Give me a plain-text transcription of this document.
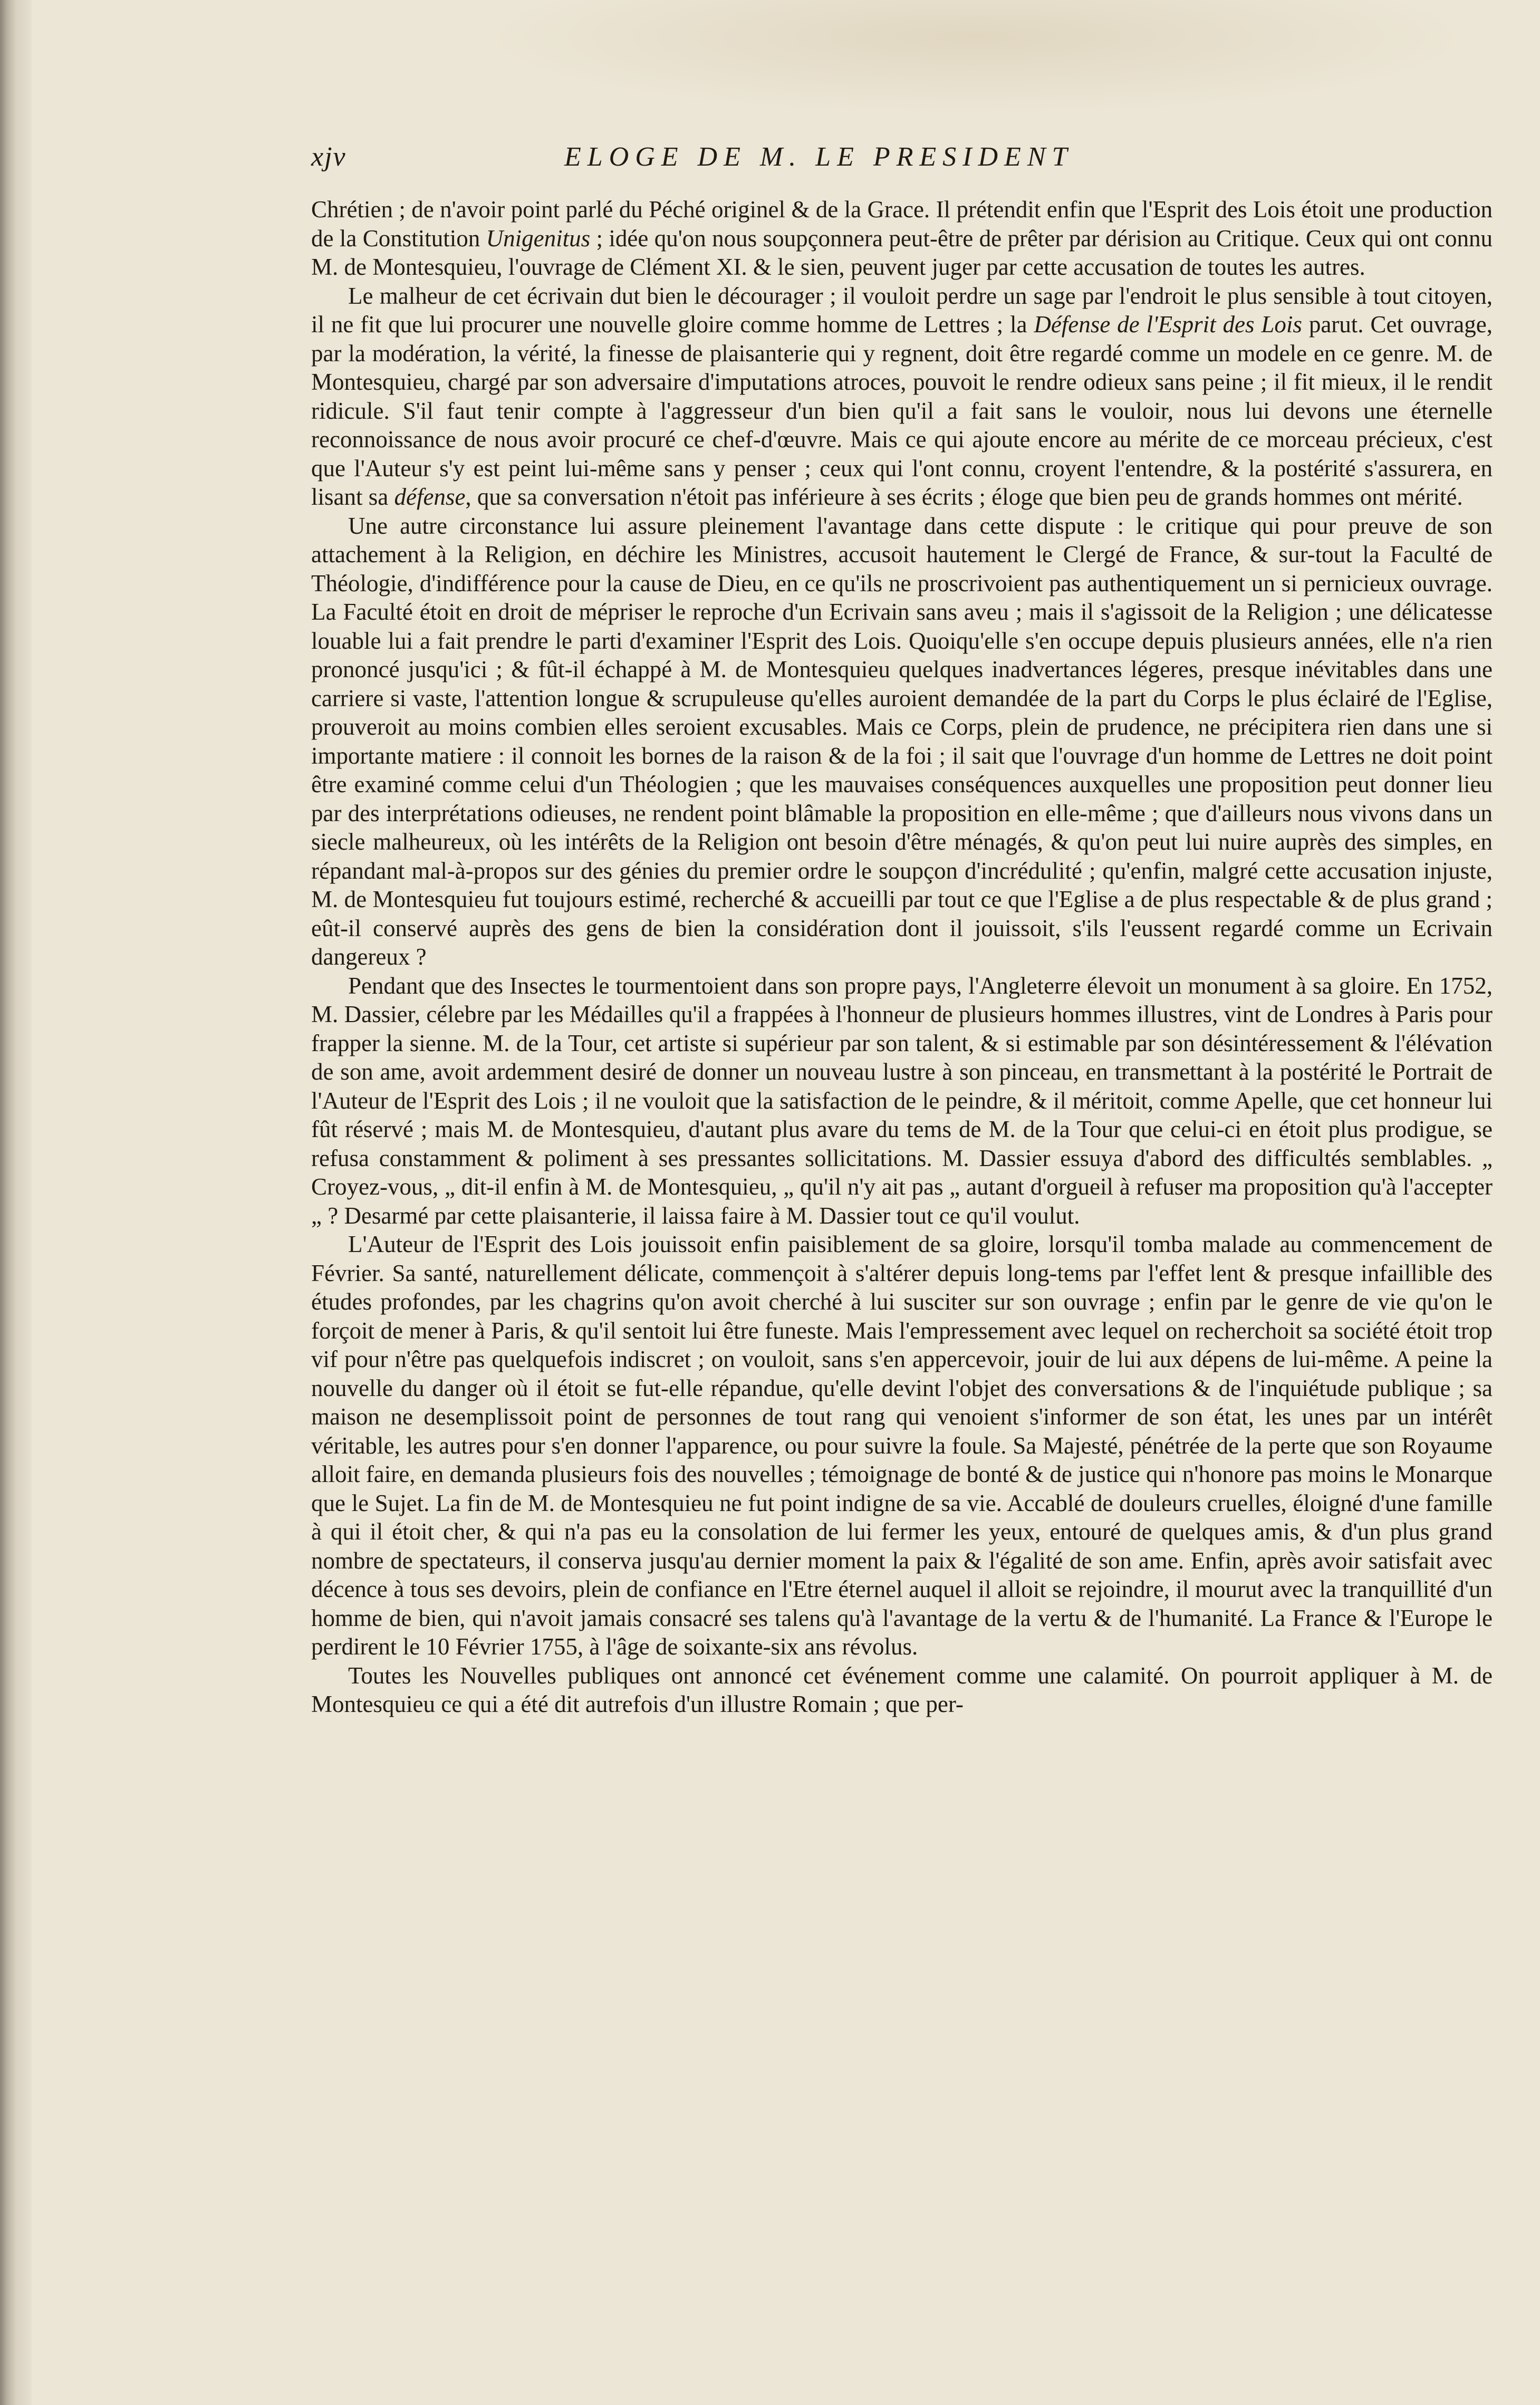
xjv	ELOGE DE M. LE PRESIDENT

Chrétien ; de n'avoir point parlé du Péché originel & de la Grace. Il prétendit enfin que l'Esprit des Lois étoit une production de la Constitution Unigenitus ; idée qu'on nous soupçonnera peut-être de prêter par dérision au Critique. Ceux qui ont connu M. de Montesquieu, l'ouvrage de Clément XI. & le sien, peuvent juger par cette accusation de toutes les autres.

Le malheur de cet écrivain dut bien le décourager ; il vouloit perdre un sage par l'endroit le plus sensible à tout citoyen, il ne fit que lui procurer une nouvelle gloire comme homme de Lettres ; la Défense de l'Esprit des Lois parut. Cet ouvrage, par la modération, la vérité, la finesse de plaisanterie qui y regnent, doit être regardé comme un modele en ce genre. M. de Montesquieu, chargé par son adversaire d'imputations atroces, pouvoit le rendre odieux sans peine ; il fit mieux, il le rendit ridicule. S'il faut tenir compte à l'aggresseur d'un bien qu'il a fait sans le vouloir, nous lui devons une éternelle reconnoissance de nous avoir procuré ce chef-d'œuvre. Mais ce qui ajoute encore au mérite de ce morceau précieux, c'est que l'Auteur s'y est peint lui-même sans y penser ; ceux qui l'ont connu, croyent l'entendre, & la postérité s'assurera, en lisant sa défense, que sa conversation n'étoit pas inférieure à ses écrits ; éloge que bien peu de grands hommes ont mérité.

Une autre circonstance lui assure pleinement l'avantage dans cette dispute : le critique qui pour preuve de son attachement à la Religion, en déchire les Ministres, accusoit hautement le Clergé de France, & sur-tout la Faculté de Théologie, d'indifférence pour la cause de Dieu, en ce qu'ils ne proscrivoient pas authentiquement un si pernicieux ouvrage. La Faculté étoit en droit de mépriser le reproche d'un Ecrivain sans aveu ; mais il s'agissoit de la Religion ; une délicatesse louable lui a fait prendre le parti d'examiner l'Esprit des Lois. Quoiqu'elle s'en occupe depuis plusieurs années, elle n'a rien prononcé jusqu'ici ; & fût-il échappé à M. de Montesquieu quelques inadvertances légeres, presque inévitables dans une carriere si vaste, l'attention longue & scrupuleuse qu'elles auroient demandée de la part du Corps le plus éclairé de l'Eglise, prouveroit au moins combien elles seroient excusables. Mais ce Corps, plein de prudence, ne précipitera rien dans une si importante matiere : il connoit les bornes de la raison & de la foi ; il sait que l'ouvrage d'un homme de Lettres ne doit point être examiné comme celui d'un Théologien ; que les mauvaises conséquences auxquelles une proposition peut donner lieu par des interprétations odieuses, ne rendent point blâmable la proposition en elle-même ; que d'ailleurs nous vivons dans un siecle malheureux, où les intérêts de la Religion ont besoin d'être ménagés, & qu'on peut lui nuire auprès des simples, en répandant mal-à-propos sur des génies du premier ordre le soupçon d'incrédulité ; qu'enfin, malgré cette accusation injuste, M. de Montesquieu fut toujours estimé, recherché & accueilli par tout ce que l'Eglise a de plus respectable & de plus grand ; eût-il conservé auprès des gens de bien la considération dont il jouissoit, s'ils l'eussent regardé comme un Ecrivain dangereux ?

Pendant que des Insectes le tourmentoient dans son propre pays, l'Angleterre élevoit un monument à sa gloire. En 1752, M. Dassier, célebre par les Médailles qu'il a frappées à l'honneur de plusieurs hommes illustres, vint de Londres à Paris pour frapper la sienne. M. de la Tour, cet artiste si supérieur par son talent, & si estimable par son désintéressement & l'élévation de son ame, avoit ardemment desiré de donner un nouveau lustre à son pinceau, en transmettant à la postérité le Portrait de l'Auteur de l'Esprit des Lois ; il ne vouloit que la satisfaction de le peindre, & il méritoit, comme Apelle, que cet honneur lui fût réservé ; mais M. de Montesquieu, d'autant plus avare du tems de M. de la Tour que celui-ci en étoit plus prodigue, se refusa constamment & poliment à ses pressantes sollicitations. M. Dassier essuya d'abord des difficultés semblables. „ Croyez-vous, „ dit-il enfin à M. de Montesquieu, „ qu'il n'y ait pas „ autant d'orgueil à refuser ma proposition qu'à l'accepter „ ? Desarmé par cette plaisanterie, il laissa faire à M. Dassier tout ce qu'il voulut.

L'Auteur de l'Esprit des Lois jouissoit enfin paisiblement de sa gloire, lorsqu'il tomba malade au commencement de Février. Sa santé, naturellement délicate, commençoit à s'altérer depuis long-tems par l'effet lent & presque infaillible des études profondes, par les chagrins qu'on avoit cherché à lui susciter sur son ouvrage ; enfin par le genre de vie qu'on le forçoit de mener à Paris, & qu'il sentoit lui être funeste. Mais l'empressement avec lequel on recherchoit sa société étoit trop vif pour n'être pas quelquefois indiscret ; on vouloit, sans s'en appercevoir, jouir de lui aux dépens de lui-même. A peine la nouvelle du danger où il étoit se fut-elle répandue, qu'elle devint l'objet des conversations & de l'inquiétude publique ; sa maison ne desemplissoit point de personnes de tout rang qui venoient s'informer de son état, les unes par un intérêt véritable, les autres pour s'en donner l'apparence, ou pour suivre la foule. Sa Majesté, pénétrée de la perte que son Royaume alloit faire, en demanda plusieurs fois des nouvelles ; témoignage de bonté & de justice qui n'honore pas moins le Monarque que le Sujet. La fin de M. de Montesquieu ne fut point indigne de sa vie. Accablé de douleurs cruelles, éloigné d'une famille à qui il étoit cher, & qui n'a pas eu la consolation de lui fermer les yeux, entouré de quelques amis, & d'un plus grand nombre de spectateurs, il conserva jusqu'au dernier moment la paix & l'égalité de son ame. Enfin, après avoir satisfait avec décence à tous ses devoirs, plein de confiance en l'Etre éternel auquel il alloit se rejoindre, il mourut avec la tranquillité d'un homme de bien, qui n'avoit jamais consacré ses talens qu'à l'avantage de la vertu & de l'humanité. La France & l'Europe le perdirent le 10 Février 1755, à l'âge de soixante-six ans révolus.

Toutes les Nouvelles publiques ont annoncé cet événement comme une calamité. On pourroit appliquer à M. de Montesquieu ce qui a été dit autrefois d'un illustre Romain ; que per-
